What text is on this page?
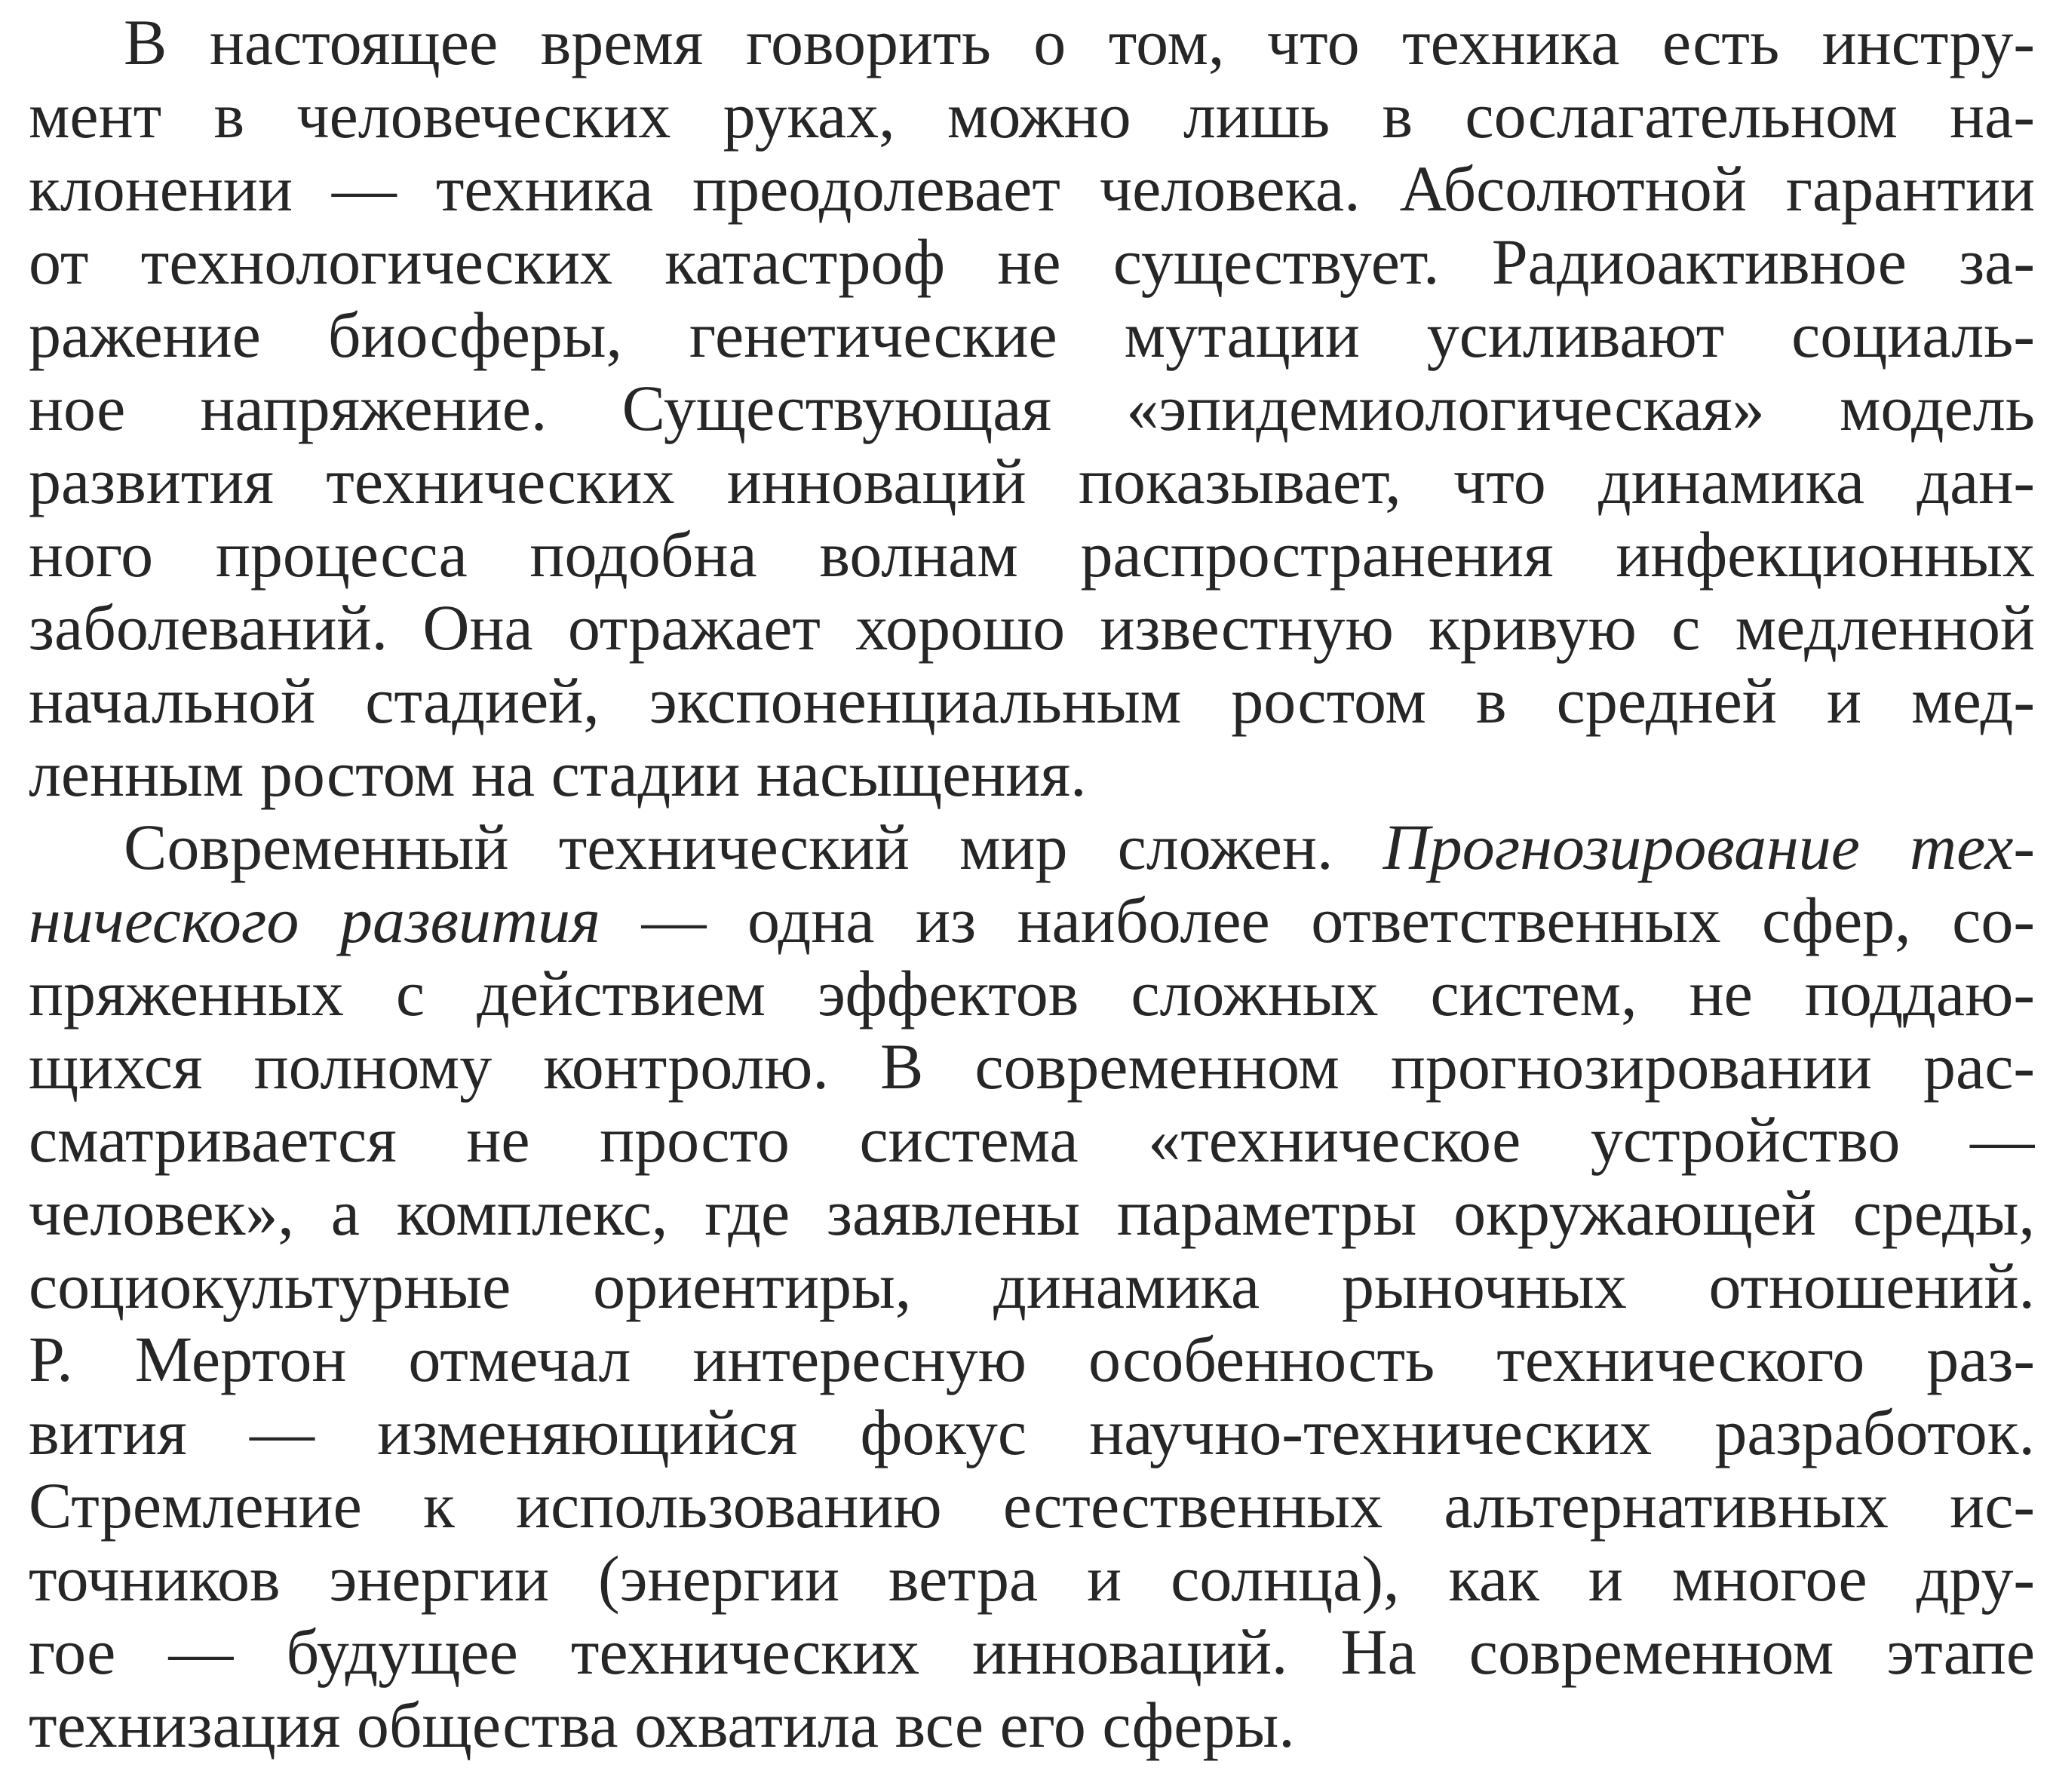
В настоящее время говорить о том, что техника есть инстру-
мент в человеческих руках, можно лишь в сослагательном на-
клонении — техника преодолевает человека. Абсолютной гарантии
от технологических катастроф не существует. Радиоактивное за-
ражение биосферы, генетические мутации усиливают социаль-
ное напряжение. Существующая «эпидемиологическая» модель
развития технических инноваций показывает, что динамика дан-
ного процесса подобна волнам распространения инфекционных
заболеваний. Она отражает хорошо известную кривую с медленной
начальной стадией, экспоненциальным ростом в средней и мед-
ленным ростом на стадии насыщения.
Современный технический мир сложен. Прогнозирование тех-
нического развития — одна из наиболее ответственных сфер, со-
пряженных с действием эффектов сложных систем, не поддаю-
щихся полному контролю. В современном прогнозировании рас-
сматривается не просто система «техническое устройство —
человек», а комплекс, где заявлены параметры окружающей среды,
социокультурные ориентиры, динамика рыночных отношений.
Р. Мертон отмечал интересную особенность технического раз-
вития — изменяющийся фокус научно-технических разработок.
Стремление к использованию естественных альтернативных ис-
точников энергии (энергии ветра и солнца), как и многое дру-
гое — будущее технических инноваций. На современном этапе
технизация общества охватила все его сферы.
